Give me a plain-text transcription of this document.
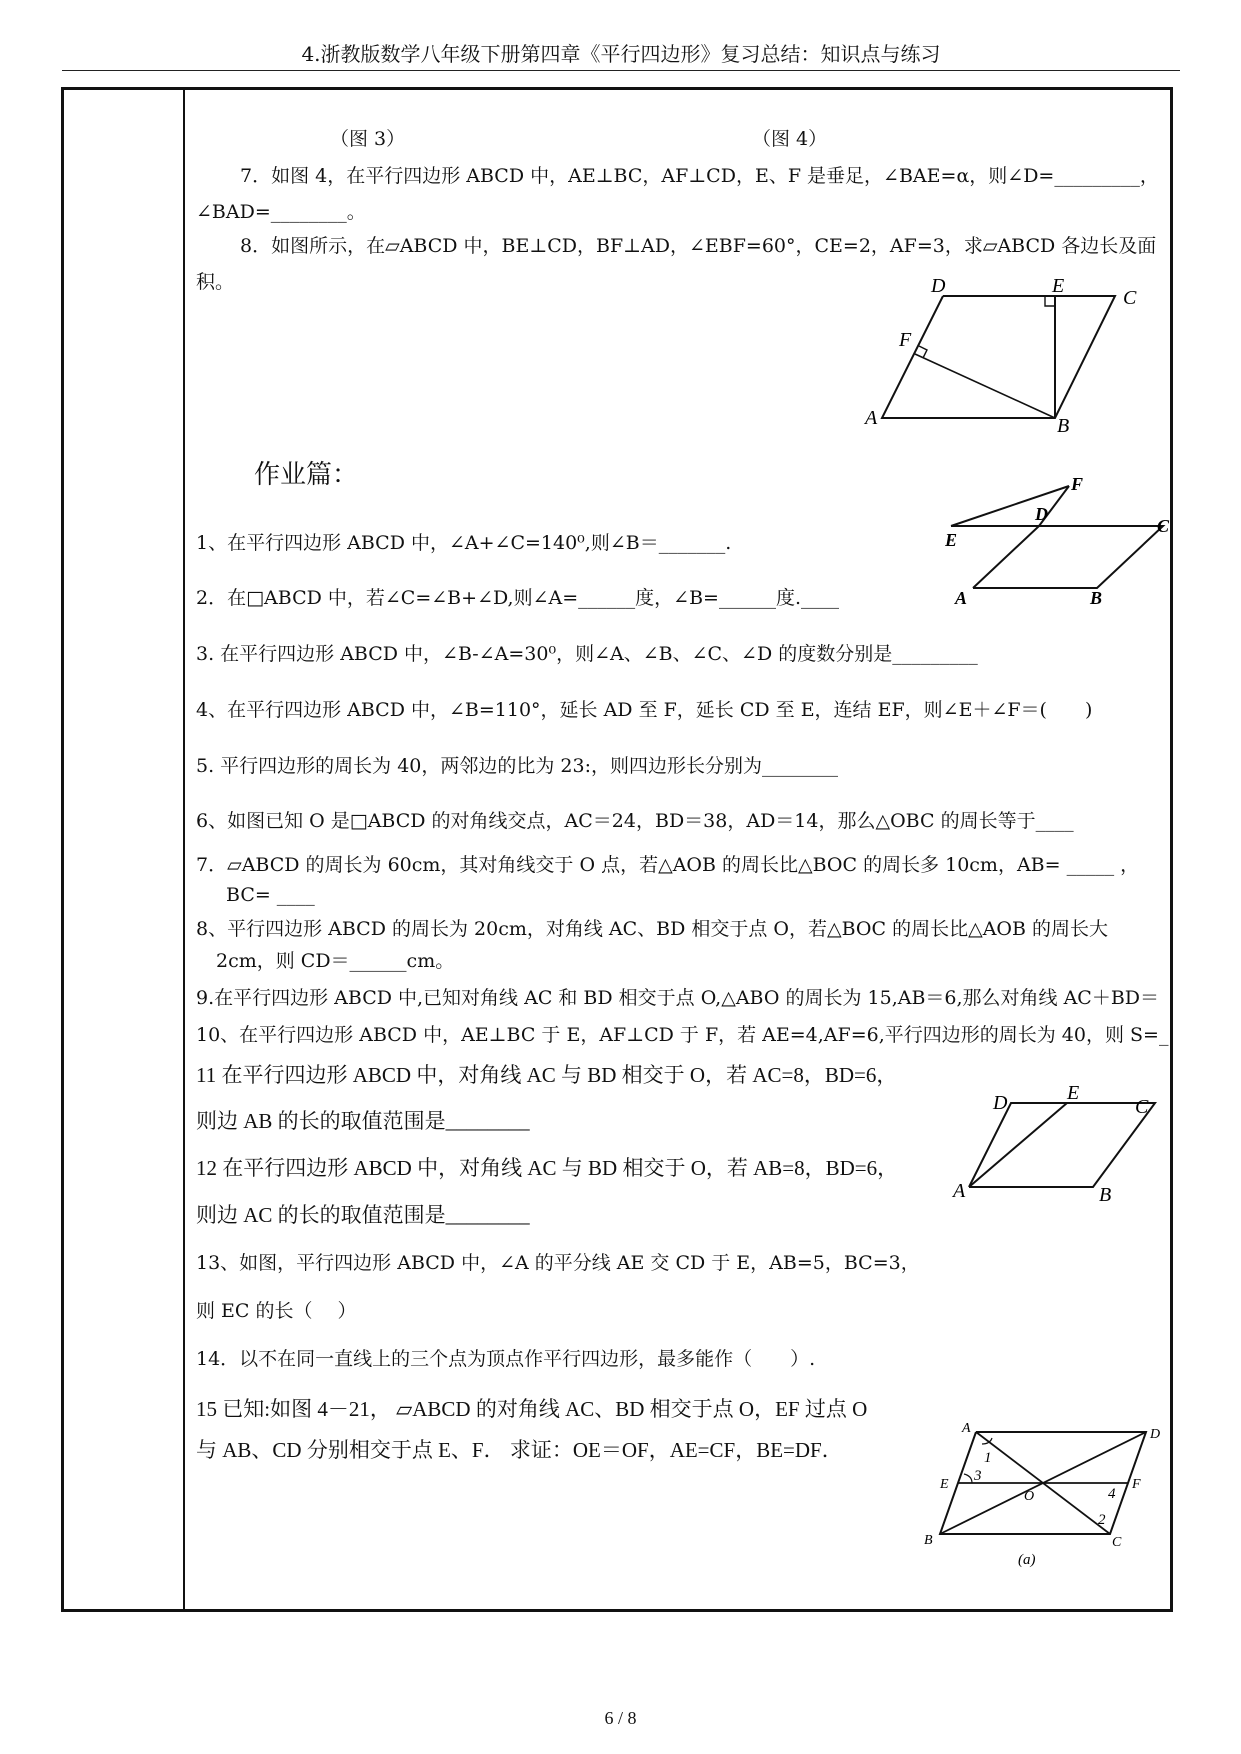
4.浙教版数学八年级下册第四章《平行四边形》复习总结：知识点与练习
（图 3）	（图 4）
7．如图 4，在平行四边形 ABCD 中，AE⊥BC，AF⊥CD，E、F 是垂足，∠BAE=α，则∠D=_________，
∠BAD=________。
8．如图所示，在▱ABCD 中，BE⊥CD，BF⊥AD，∠EBF=60°，CE=2，AF=3，求▱ABCD 各边长及面
积。	D	E
C
F
A	B
作业篇：
1、在平行四边形 ABCD 中，∠A+∠C=140⁰,则∠B＝_______.
2．在□ABCD 中，若∠C=∠B+∠D,则∠A=______度，∠B=______度.____
3. 在平行四边形 ABCD 中，∠B-∠A=30⁰，则∠A、∠B、∠C、∠D 的度数分别是_________
4、在平行四边形 ABCD 中，∠B=110°，延长 AD 至 F，延长 CD 至 E，连结 EF，则∠E＋∠F＝(　　)
5. 平行四边形的周长为 40，两邻边的比为 23:，则四边形长分别为________
6、如图已知 O 是□ABCD 的对角线交点，AC＝24，BD＝38，AD＝14，那么△OBC 的周长等于____
7．▱ABCD 的周长为 60cm，其对角线交于 O 点，若△AOB 的周长比△BOC 的周长多 10cm，AB= _____ ，
BC= ____
8、平行四边形 ABCD 的周长为 20cm，对角线 AC、BD 相交于点 O，若△BOC 的周长比△AOB 的周长大
2cm，则 CD＝______cm。
9.在平行四边形 ABCD 中,已知对角线 AC 和 BD 相交于点 O,△ABO 的周长为 15,AB＝6,那么对角线 AC＋BD＝
10、在平行四边形 ABCD 中，AE⊥BC 于 E，AF⊥CD 于 F，若 AE=4,AF=6,平行四边形的周长为 40，则 S=_
11 在平行四边形 ABCD 中，对角线 AC 与 BD 相交于 O，若 AC=8，BD=6，
则边 AB 的长的取值范围是________
12 在平行四边形 ABCD 中，对角线 AC 与 BD 相交于 O，若 AB=8，BD=6，
则边 AC 的长的取值范围是________
13、如图，平行四边形 ABCD 中，∠A 的平分线 AE 交 CD 于 E，AB=5，BC=3，
则 EC 的长（　 ）
14．以不在同一直线上的三个点为顶点作平行四边形，最多能作（　　）.
15 已知:如图 4－21， ▱ABCD 的对角线 AC、BD 相交于点 O，EF 过点 O
与 AB、CD 分别相交于点 E、F． 求证：OE＝OF，AE=CF，BE=DF．
F
D
E
C
A	B
D	E
C
A	B
A	D
E	F
B	C
O
1
2
3
4
(a)
6 / 8
